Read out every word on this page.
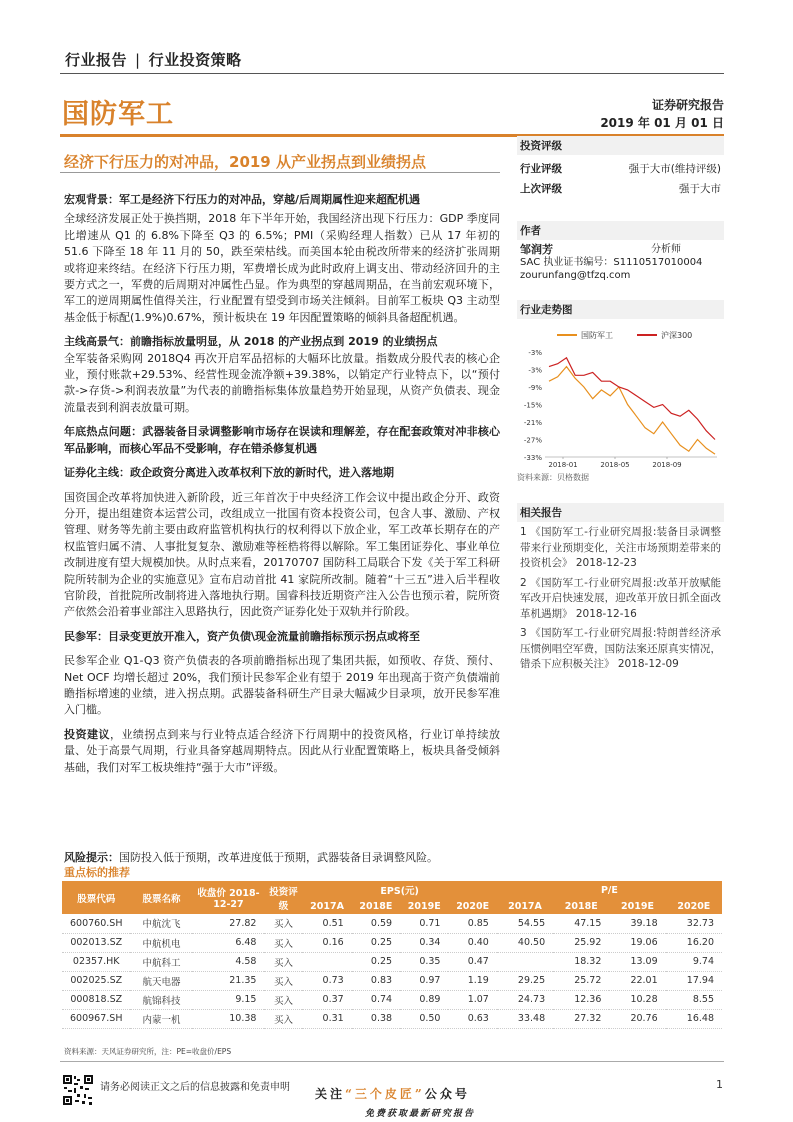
行业报告 | 行业投资策略
国防军工	证券研究报告
2019 年 01 月 01 日
经济下行压力的对冲品，2019 从产业拐点到业绩拐点

宏观背景：军工是经济下行压力的对冲品，穿越/后周期属性迎来超配机遇
全球经济发展正处于换挡期，2018 年下半年开始，我国经济出现下行压力：GDP 季度同比增速从 Q1 的 6.8%下降至 Q3 的 6.5%；PMI（采购经理人指数）已从 17 年初的 51.6 下降至 18 年 11 月的 50，跌至荣枯线。而美国本轮由税改所带来的经济扩张周期或将迎来终结。在经济下行压力期，军费增长成为此时政府上调支出、带动经济回升的主要方式之一，军费的后周期对冲属性凸显。作为典型的穿越周期品，在当前宏观环境下，军工的逆周期属性值得关注，行业配置有望受到市场关注倾斜。目前军工板块 Q3 主动型基金低于标配(1.9%)0.67%，预计板块在 19 年因配置策略的倾斜具备超配机遇。

主线高景气：前瞻指标放量明显，从 2018 的产业拐点到 2019 的业绩拐点
全军装备采购网 2018Q4 再次开启军品招标的大幅环比放量。指数成分股代表的核心企业，预付账款+29.53%、经营性现金流净额+39.38%，以销定产行业特点下，以“预付款->存货->利润表放量”为代表的前瞻指标集体放量趋势开始显现，从资产负债表、现金流量表到利润表放量可期。

年底热点问题：武器装备目录调整影响市场存在误读和理解差，存在配套政策对冲非核心军品影响，而核心军品不受影响，存在错杀修复机遇

证券化主线：政企政资分离进入改革权利下放的新时代，进入落地期
国资国企改革将加快进入新阶段，近三年首次于中央经济工作会议中提出政企分开、政资分开，提出组建资本运营公司，改组成立一批国有资本投资公司，包含人事、激励、产权管理、财务等先前主要由政府监管机构执行的权利得以下放企业，军工改革长期存在的产权监管归属不清、人事批复复杂、激励难等桎梏将得以解除。军工集团证券化、事业单位改制进度有望大规模加快。从时点来看，20170707 国防科工局联合下发《关于军工科研院所转制为企业的实施意见》宣布启动首批 41 家院所改制。随着“十三五”进入后半程收官阶段，首批院所改制将进入落地执行期。国睿科技近期资产注入公告也预示着，院所资产依然会沿着事业部注入思路执行，因此资产证券化处于双轨并行阶段。

民参军：目录变更放开准入，资产负债\现金流量前瞻指标预示拐点或将至
民参军企业 Q1-Q3 资产负债表的各项前瞻指标出现了集团共振，如预收、存货、预付、Net OCF 均增长超过 20%，我们预计民参军企业有望于 2019 年出现高于资产负债端前瞻指标增速的业绩，进入拐点期。武器装备科研生产目录大幅减少目录项，放开民参军准入门槛。

投资建议，业绩拐点到来与行业特点适合经济下行周期中的投资风格，行业订单持续放量、处于高景气周期，行业具备穿越周期特点。因此从行业配置策略上，板块具备受倾斜基础，我们对军工板块维持“强于大市”评级。

投资评级
行业评级	强于大市(维持评级)
上次评级	强于大市
作者
邹润芳	分析师
SAC 执业证书编号：S1110517010004
zourunfang@tfzq.com
行业走势图
国防军工	沪深300
-3%
-3%
-9%
-15%
-21%
-27%
-33%
2018-01	2018-05	2018-09
资料来源：贝格数据
相关报告
1 《国防军工-行业研究周报:装备目录调整带来行业预期变化，关注市场预期差带来的投资机会》 2018-12-23
2 《国防军工-行业研究周报:改革开放赋能军改开启快速发展，迎改革开放日抓全面改革机遇期》 2018-12-16
3 《国防军工-行业研究周报:特朗普经济承压惯例唱空军费，国防法案还原真实情况，错杀下应积极关注》 2018-12-09
风险提示：国防投入低于预期，改革进度低于预期，武器装备目录调整风险。
重点标的推荐
股票代码	股票名称	收盘价 2018-12-27	投资评级	EPS(元)				P/E			
				2017A	2018E	2019E	2020E	2017A	2018E	2019E	2020E
600760.SH	中航沈飞	27.82	买入	0.51	0.59	0.71	0.85	54.55	47.15	39.18	32.73
002013.SZ	中航机电	6.48	买入	0.16	0.25	0.34	0.40	40.50	25.92	19.06	16.20
02357.HK	中航科工	4.58	买入		0.25	0.35	0.47		18.32	13.09	9.74
002025.SZ	航天电器	21.35	买入	0.73	0.83	0.97	1.19	29.25	25.72	22.01	17.94
000818.SZ	航锦科技	9.15	买入	0.37	0.74	0.89	1.07	24.73	12.36	10.28	8.55
600967.SH	内蒙一机	10.38	买入	0.31	0.38	0.50	0.63	33.48	27.32	20.76	16.48
资料来源：天风证券研究所，注：PE=收盘价/EPS
请务必阅读正文之后的信息披露和免责申明	1
关注“三个皮匠”公众号
免费获取最新研究报告
